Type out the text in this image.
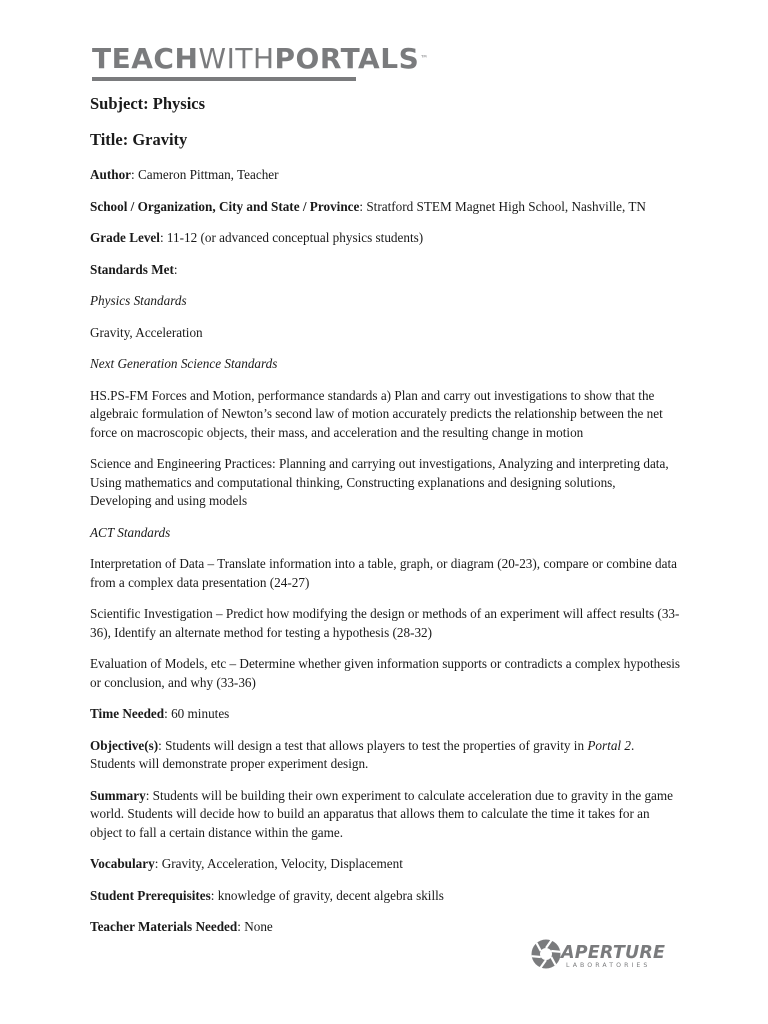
TEACHWITHPORTALS™
Subject: Physics
Title: Gravity
Author: Cameron Pittman, Teacher
School / Organization, City and State / Province: Stratford STEM Magnet High School, Nashville, TN
Grade Level: 11-12 (or advanced conceptual physics students)
Standards Met:
Physics Standards
Gravity, Acceleration
Next Generation Science Standards
HS.PS-FM Forces and Motion, performance standards a) Plan and carry out investigations to show that the algebraic formulation of Newton’s second law of motion accurately predicts the relationship between the net force on macroscopic objects, their mass, and acceleration and the resulting change in motion
Science and Engineering Practices: Planning and carrying out investigations, Analyzing and interpreting data, Using mathematics and computational thinking, Constructing explanations and designing solutions, Developing and using models
ACT Standards
Interpretation of Data – Translate information into a table, graph, or diagram (20-23), compare or combine data from a complex data presentation (24-27)
Scientific Investigation – Predict how modifying the design or methods of an experiment will affect results (33-36), Identify an alternate method for testing a hypothesis (28-32)
Evaluation of Models, etc – Determine whether given information supports or contradicts a complex hypothesis or conclusion, and why (33-36)
Time Needed: 60 minutes
Objective(s): Students will design a test that allows players to test the properties of gravity in Portal 2. Students will demonstrate proper experiment design.
Summary: Students will be building their own experiment to calculate acceleration due to gravity in the game world. Students will decide how to build an apparatus that allows them to calculate the time it takes for an object to fall a certain distance within the game.
Vocabulary: Gravity, Acceleration, Velocity, Displacement
Student Prerequisites: knowledge of gravity, decent algebra skills
Teacher Materials Needed: None
APERTURE
LABORATORIES
